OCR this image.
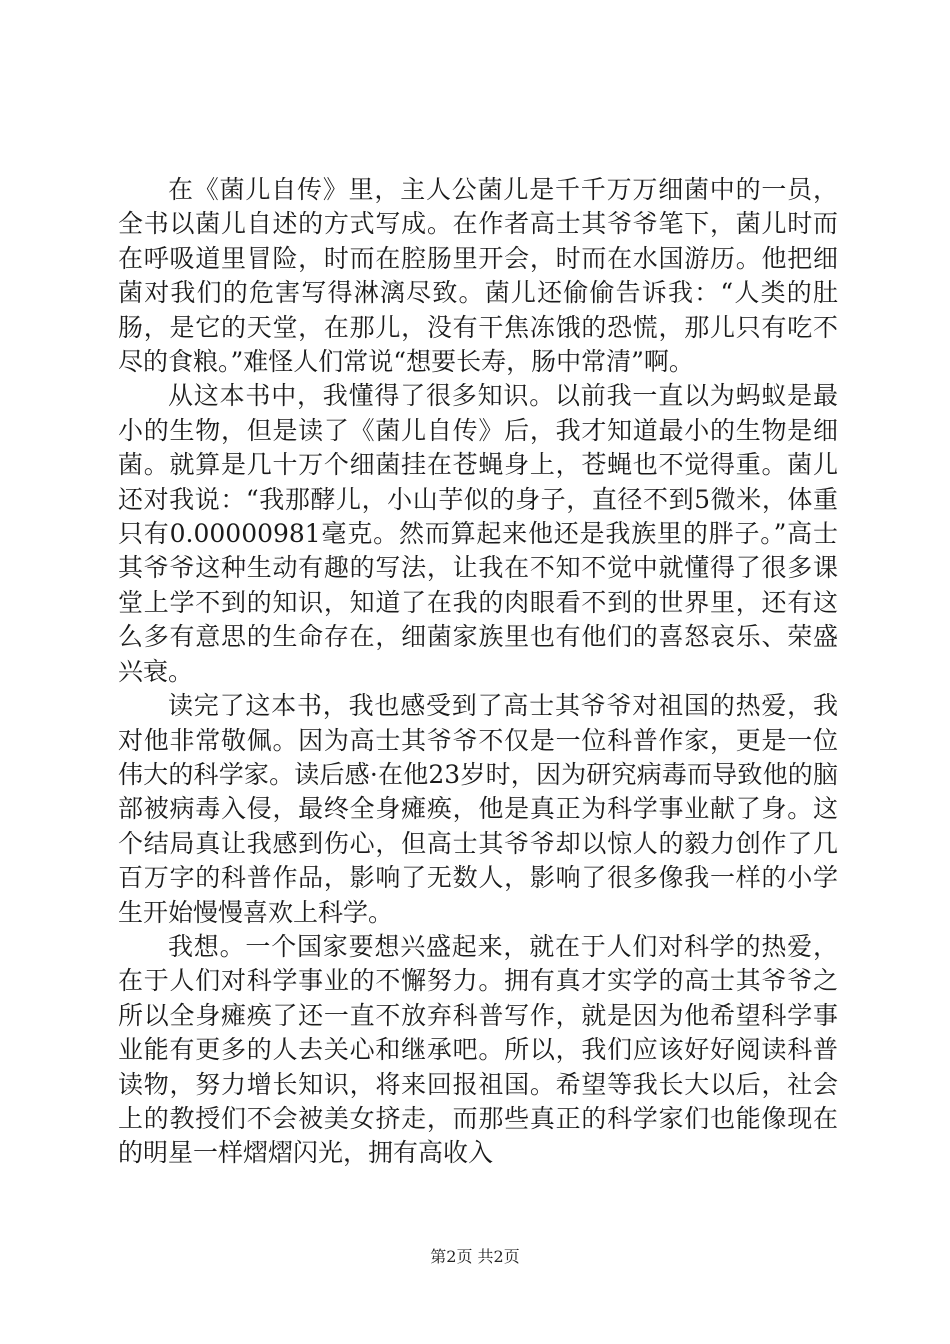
在《菌儿自传》里，主人公菌儿是千千万万细菌中的一员，全书以菌儿自述的方式写成。在作者高士其爷爷笔下，菌儿时而在呼吸道里冒险，时而在腔肠里开会，时而在水国游历。他把细菌对我们的危害写得淋漓尽致。菌儿还偷偷告诉我：“人类的肚肠，是它的天堂，在那儿，没有干焦冻饿的恐慌，那儿只有吃不尽的食粮。”难怪人们常说“想要长寿，肠中常清”啊。

从这本书中，我懂得了很多知识。以前我一直以为蚂蚁是最小的生物，但是读了《菌儿自传》后，我才知道最小的生物是细菌。就算是几十万个细菌挂在苍蝇身上，苍蝇也不觉得重。菌儿还对我说：“我那酵儿，小山芋似的身子，直径不到5微米，体重只有0.00000981毫克。然而算起来他还是我族里的胖子。”高士其爷爷这种生动有趣的写法，让我在不知不觉中就懂得了很多课堂上学不到的知识，知道了在我的肉眼看不到的世界里，还有这么多有意思的生命存在，细菌家族里也有他们的喜怒哀乐、荣盛兴衰。

读完了这本书，我也感受到了高士其爷爷对祖国的热爱，我对他非常敬佩。因为高士其爷爷不仅是一位科普作家，更是一位伟大的科学家。读后感·在他23岁时，因为研究病毒而导致他的脑部被病毒入侵，最终全身瘫痪，他是真正为科学事业献了身。这个结局真让我感到伤心，但高士其爷爷却以惊人的毅力创作了几百万字的科普作品，影响了无数人，影响了很多像我一样的小学生开始慢慢喜欢上科学。

我想。一个国家要想兴盛起来，就在于人们对科学的热爱，在于人们对科学事业的不懈努力。拥有真才实学的高士其爷爷之所以全身瘫痪了还一直不放弃科普写作，就是因为他希望科学事业能有更多的人去关心和继承吧。所以，我们应该好好阅读科普读物，努力增长知识，将来回报祖国。希望等我长大以后，社会上的教授们不会被美女挤走，而那些真正的科学家们也能像现在的明星一样熠熠闪光，拥有高收入

第2页 共2页
